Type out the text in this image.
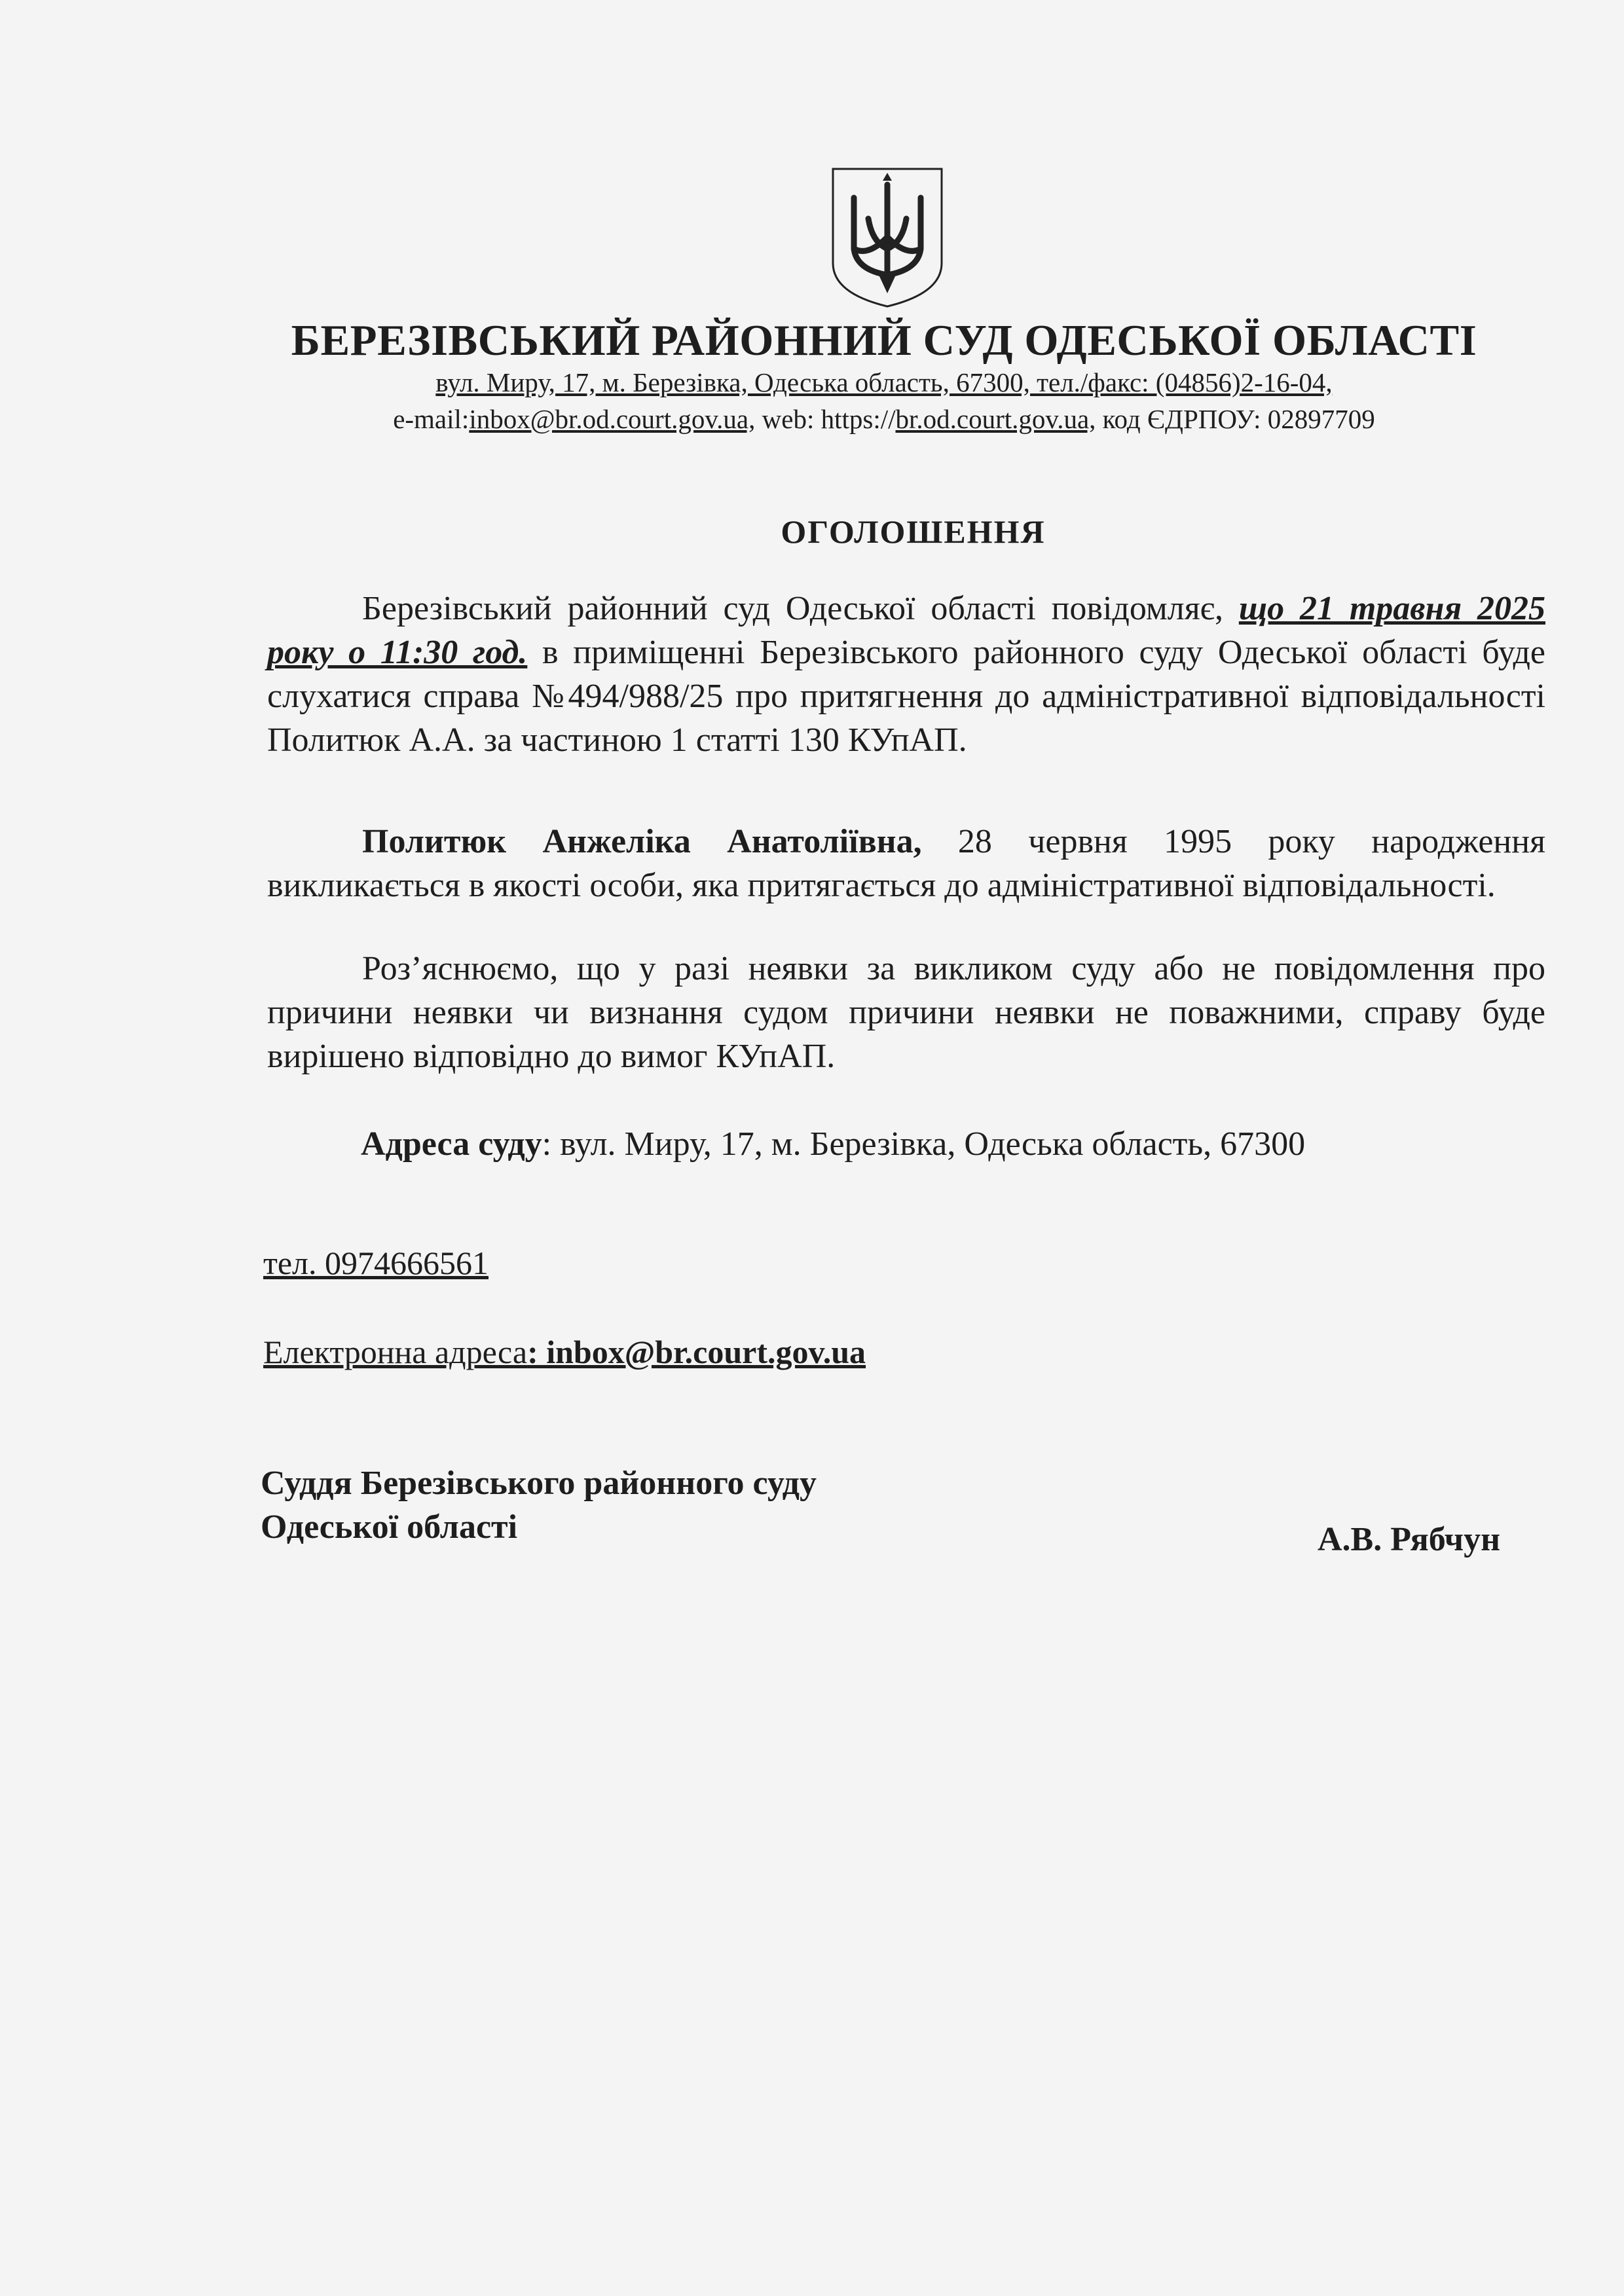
БЕРЕЗІВСЬКИЙ РАЙОННИЙ СУД ОДЕСЬКОЇ ОБЛАСТІ
вул. Миру, 17, м. Березівка, Одеська область, 67300, тел./факс: (04856)2-16-04,
e-mail:inbox@br.od.court.gov.ua, web: https://br.od.court.gov.ua, код ЄДРПОУ: 02897709
ОГОЛОШЕННЯ

Березівський районний суд Одеської області повідомляє, що 21 травня 2025 року о 11:30 год. в приміщенні Березівського районного суду Одеської області буде слухатися справа №494/988/25 про притягнення до адміністративної відповідальності Политюк А.А. за частиною 1 статті 130 КУпАП.

Политюк Анжеліка Анатоліївна, 28 червня 1995 року народження викликається в якості особи, яка притягається до адміністративної відповідальності.

Роз’яснюємо, що у разі неявки за викликом суду або не повідомлення про причини неявки чи визнання судом причини неявки не поважними, справу буде вирішено відповідно до вимог КУпАП.

Адреса суду: вул. Миру, 17, м. Березівка, Одеська область, 67300
тел. 0974666561
Електронна адреса: inbox@br.court.gov.ua
Суддя Березівського районного суду
Одеської області	А.В. Рябчун
